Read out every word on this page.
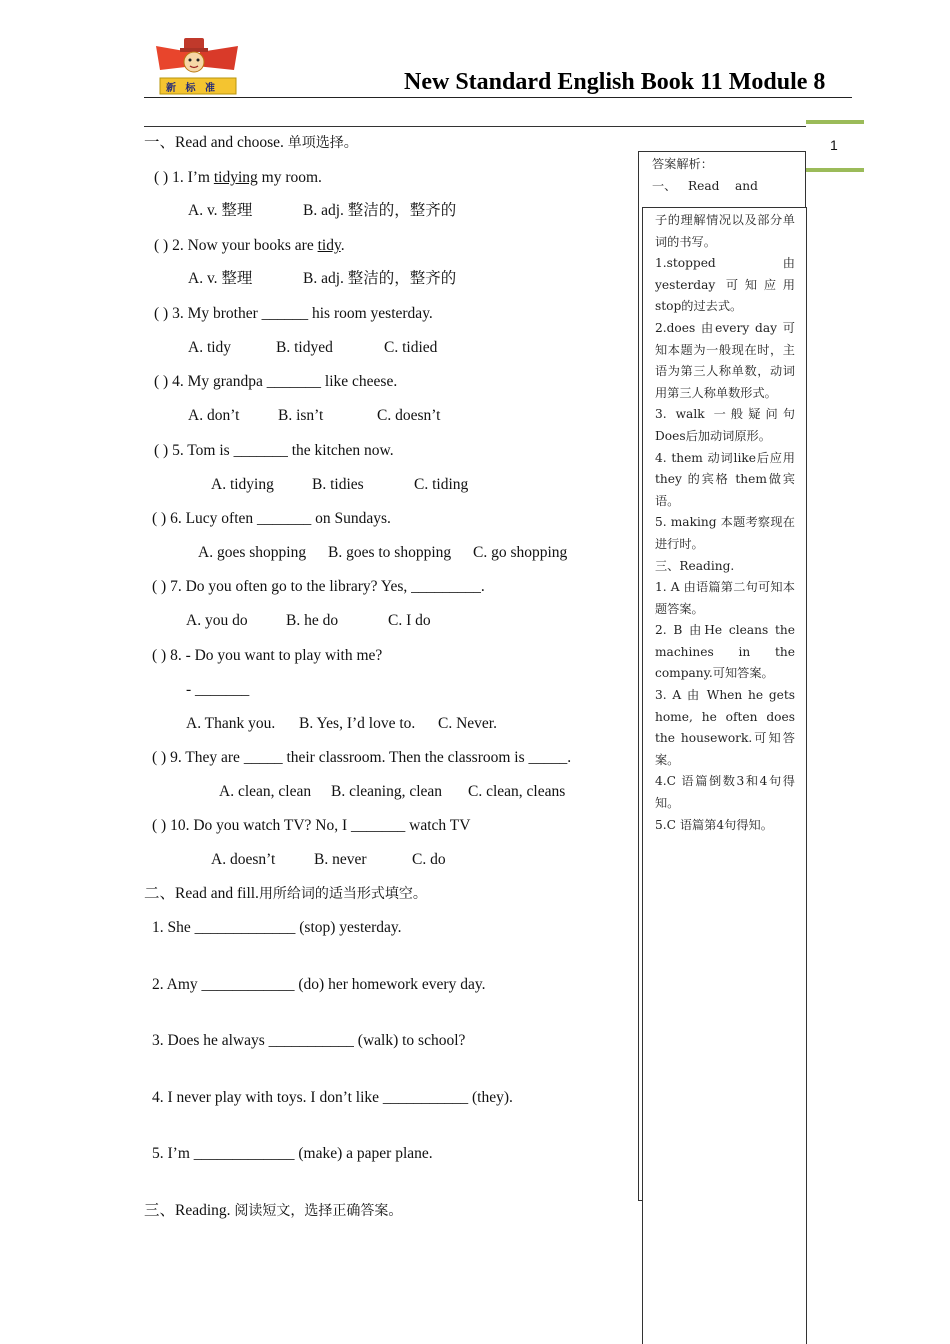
新 标 准	New Standard English Book 11 Module 8
1
一、Read and choose. 单项选择。
( ) 1. I’m tidying my room.
A. v. 整理	B. adj. 整洁的，整齐的
( ) 2. Now your books are tidy.
A. v. 整理	B. adj. 整洁的，整齐的
( ) 3. My brother ______ his room yesterday.
A. tidy	B. tidyed	C. tidied
( ) 4. My grandpa _______ like cheese.
A. don’t B. isn’t	C. doesn’t
( ) 5. Tom is _______ the kitchen now.
A. tidying B. tidies	C. tiding
( ) 6. Lucy often _______ on Sundays.
A. goes shopping B. goes to shopping C. go shopping
( ) 7. Do you often go to the library? Yes, _________.
A. you do B. he do	C. I do
( ) 8. - Do you want to play with me?
- _______
A. Thank you. B. Yes, I’d love to. C. Never.
( ) 9. They are _____ their classroom. Then the classroom is _____.
A. clean, clean B. cleaning, clean C. clean, cleans
( ) 10. Do you watch TV? No, I _______ watch TV
A. doesn’t B. never	C. do
二、Read and fill.用所给词的适当形式填空。
1. She _____________ (stop) yesterday.
2. Amy ____________ (do) her homework every day.
3. Does he always ___________ (walk) to school?
4. I never play with toys. I don’t like ___________ (they).
5. I’m _____________ (make) a paper plane.
三、Reading. 阅读短文，选择正确答案。
答案解析：
一、   Read    and

子的理解情况以及部分单词的书写。

1.stopped 由 yesterday 可知应用 stop的过去式。

2.does 由every day 可知本题为一般现在时，主语为第三人称单数，动词用第三人称单数形式。

3. walk 一般疑问句 Does后加动词原形。

4. them 动词like后应用 they 的宾格 them做宾语。

5. making 本题考察现在进行时。

三、Reading.

1. A 由语篇第二句可知本题答案。

2. B 由He cleans the machines in the company.可知答案。

3. A 由 When he gets home, he often does the housework.可知答案。

4.C 语篇倒数3和4句得知。

5.C 语篇第4句得知。
